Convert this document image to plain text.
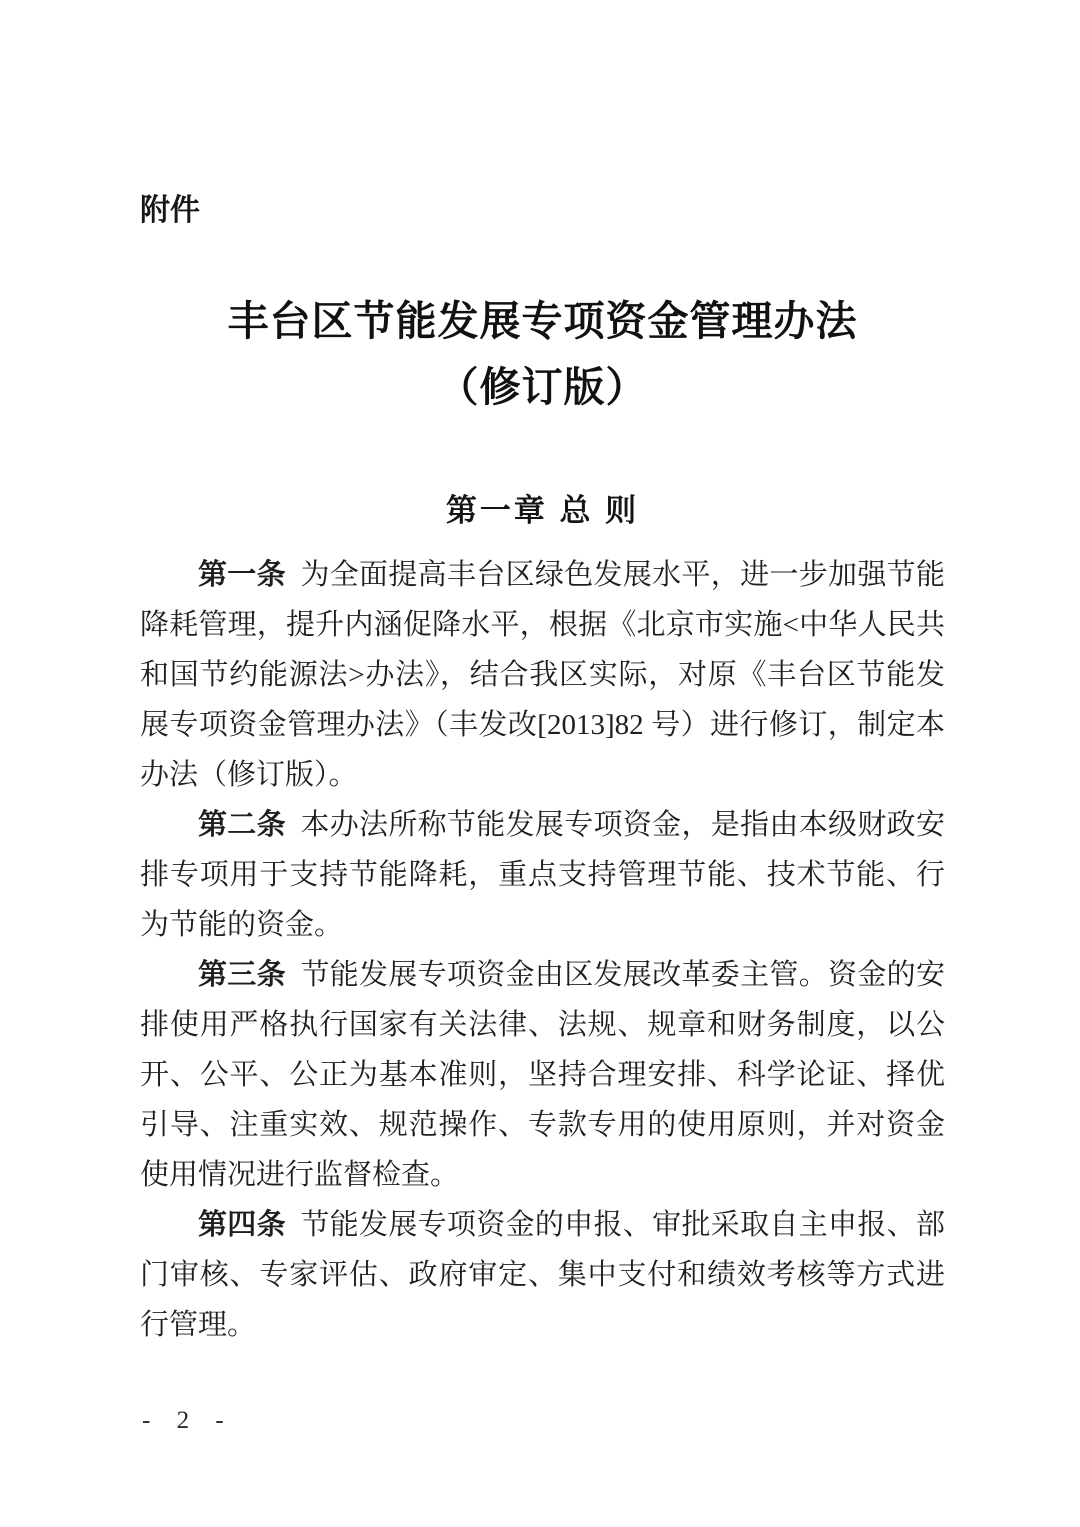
附件
丰台区节能发展专项资金管理办法
（修订版）
第一章 总 则

第一条 为全面提高丰台区绿色发展水平，进一步加强节能降耗管理，提升内涵促降水平，根据《北京市实施<中华人民共和国节约能源法>办法》，结合我区实际，对原《丰台区节能发展专项资金管理办法》（丰发改[2013]82 号）进行修订，制定本办法（修订版）。

第二条 本办法所称节能发展专项资金，是指由本级财政安排专项用于支持节能降耗，重点支持管理节能、技术节能、行为节能的资金。

第三条 节能发展专项资金由区发展改革委主管。资金的安排使用严格执行国家有关法律、法规、规章和财务制度，以公开、公平、公正为基本准则，坚持合理安排、科学论证、择优引导、注重实效、规范操作、专款专用的使用原则，并对资金使用情况进行监督检查。

第四条 节能发展专项资金的申报、审批采取自主申报、部门审核、专家评估、政府审定、集中支付和绩效考核等方式进行管理。

- 2 -
